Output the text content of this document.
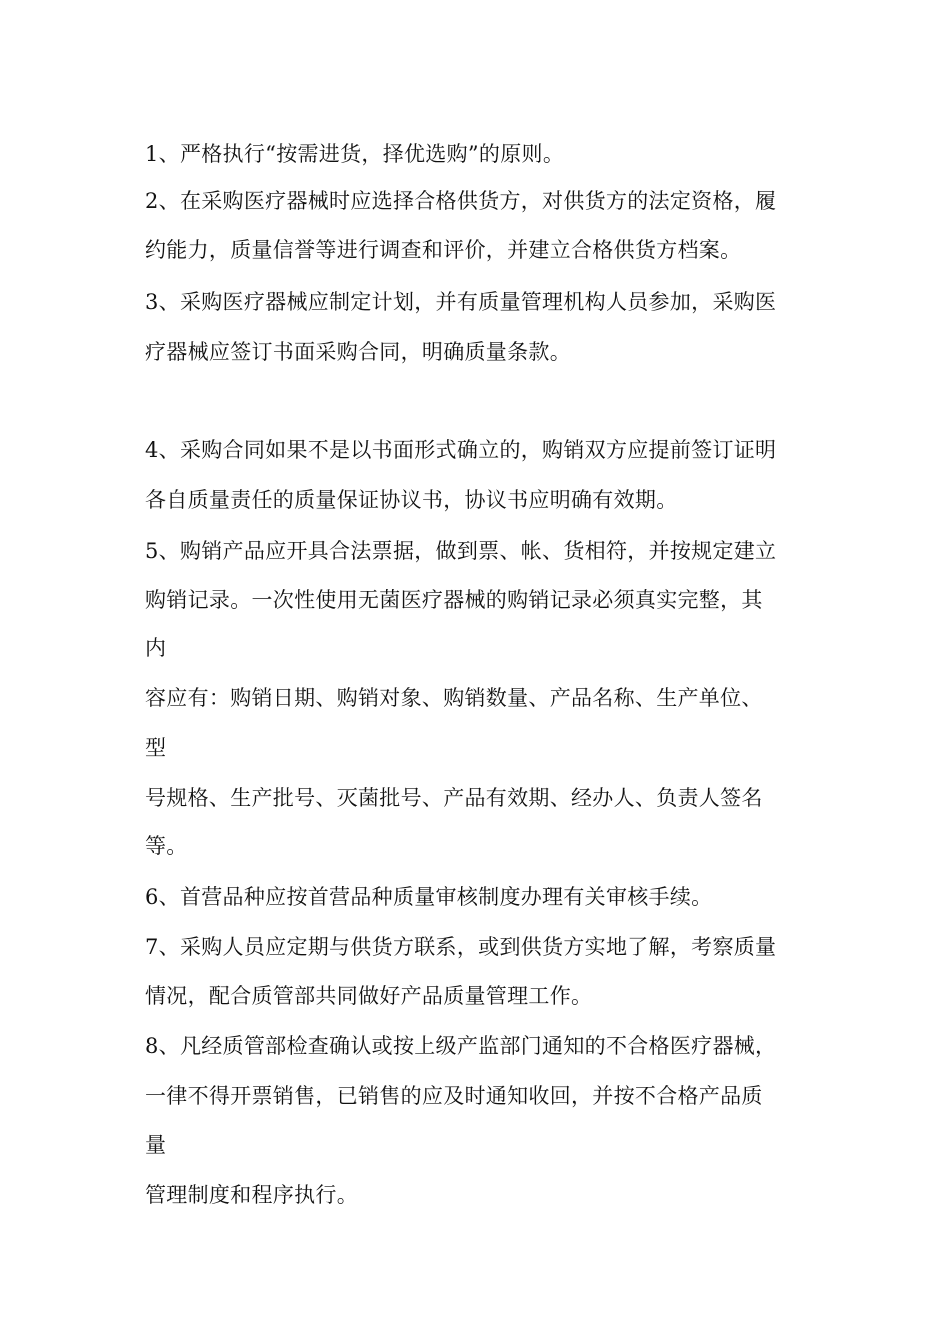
1、严格执行“按需进货，择优选购”的原则。
2、在采购医疗器械时应选择合格供货方，对供货方的法定资格，履
约能力，质量信誉等进行调查和评价，并建立合格供货方档案。
3、采购医疗器械应制定计划，并有质量管理机构人员参加，采购医
疗器械应签订书面采购合同，明确质量条款。
4、采购合同如果不是以书面形式确立的，购销双方应提前签订证明
各自质量责任的质量保证协议书，协议书应明确有效期。
5、购销产品应开具合法票据，做到票、帐、货相符，并按规定建立
购销记录。一次性使用无菌医疗器械的购销记录必须真实完整，其
内
容应有：购销日期、购销对象、购销数量、产品名称、生产单位、
型
号规格、生产批号、灭菌批号、产品有效期、经办人、负责人签名
等。
6、首营品种应按首营品种质量审核制度办理有关审核手续。
7、采购人员应定期与供货方联系，或到供货方实地了解，考察质量
情况，配合质管部共同做好产品质量管理工作。
8、凡经质管部检查确认或按上级产监部门通知的不合格医疗器械，
一律不得开票销售，已销售的应及时通知收回，并按不合格产品质
量
管理制度和程序执行。
